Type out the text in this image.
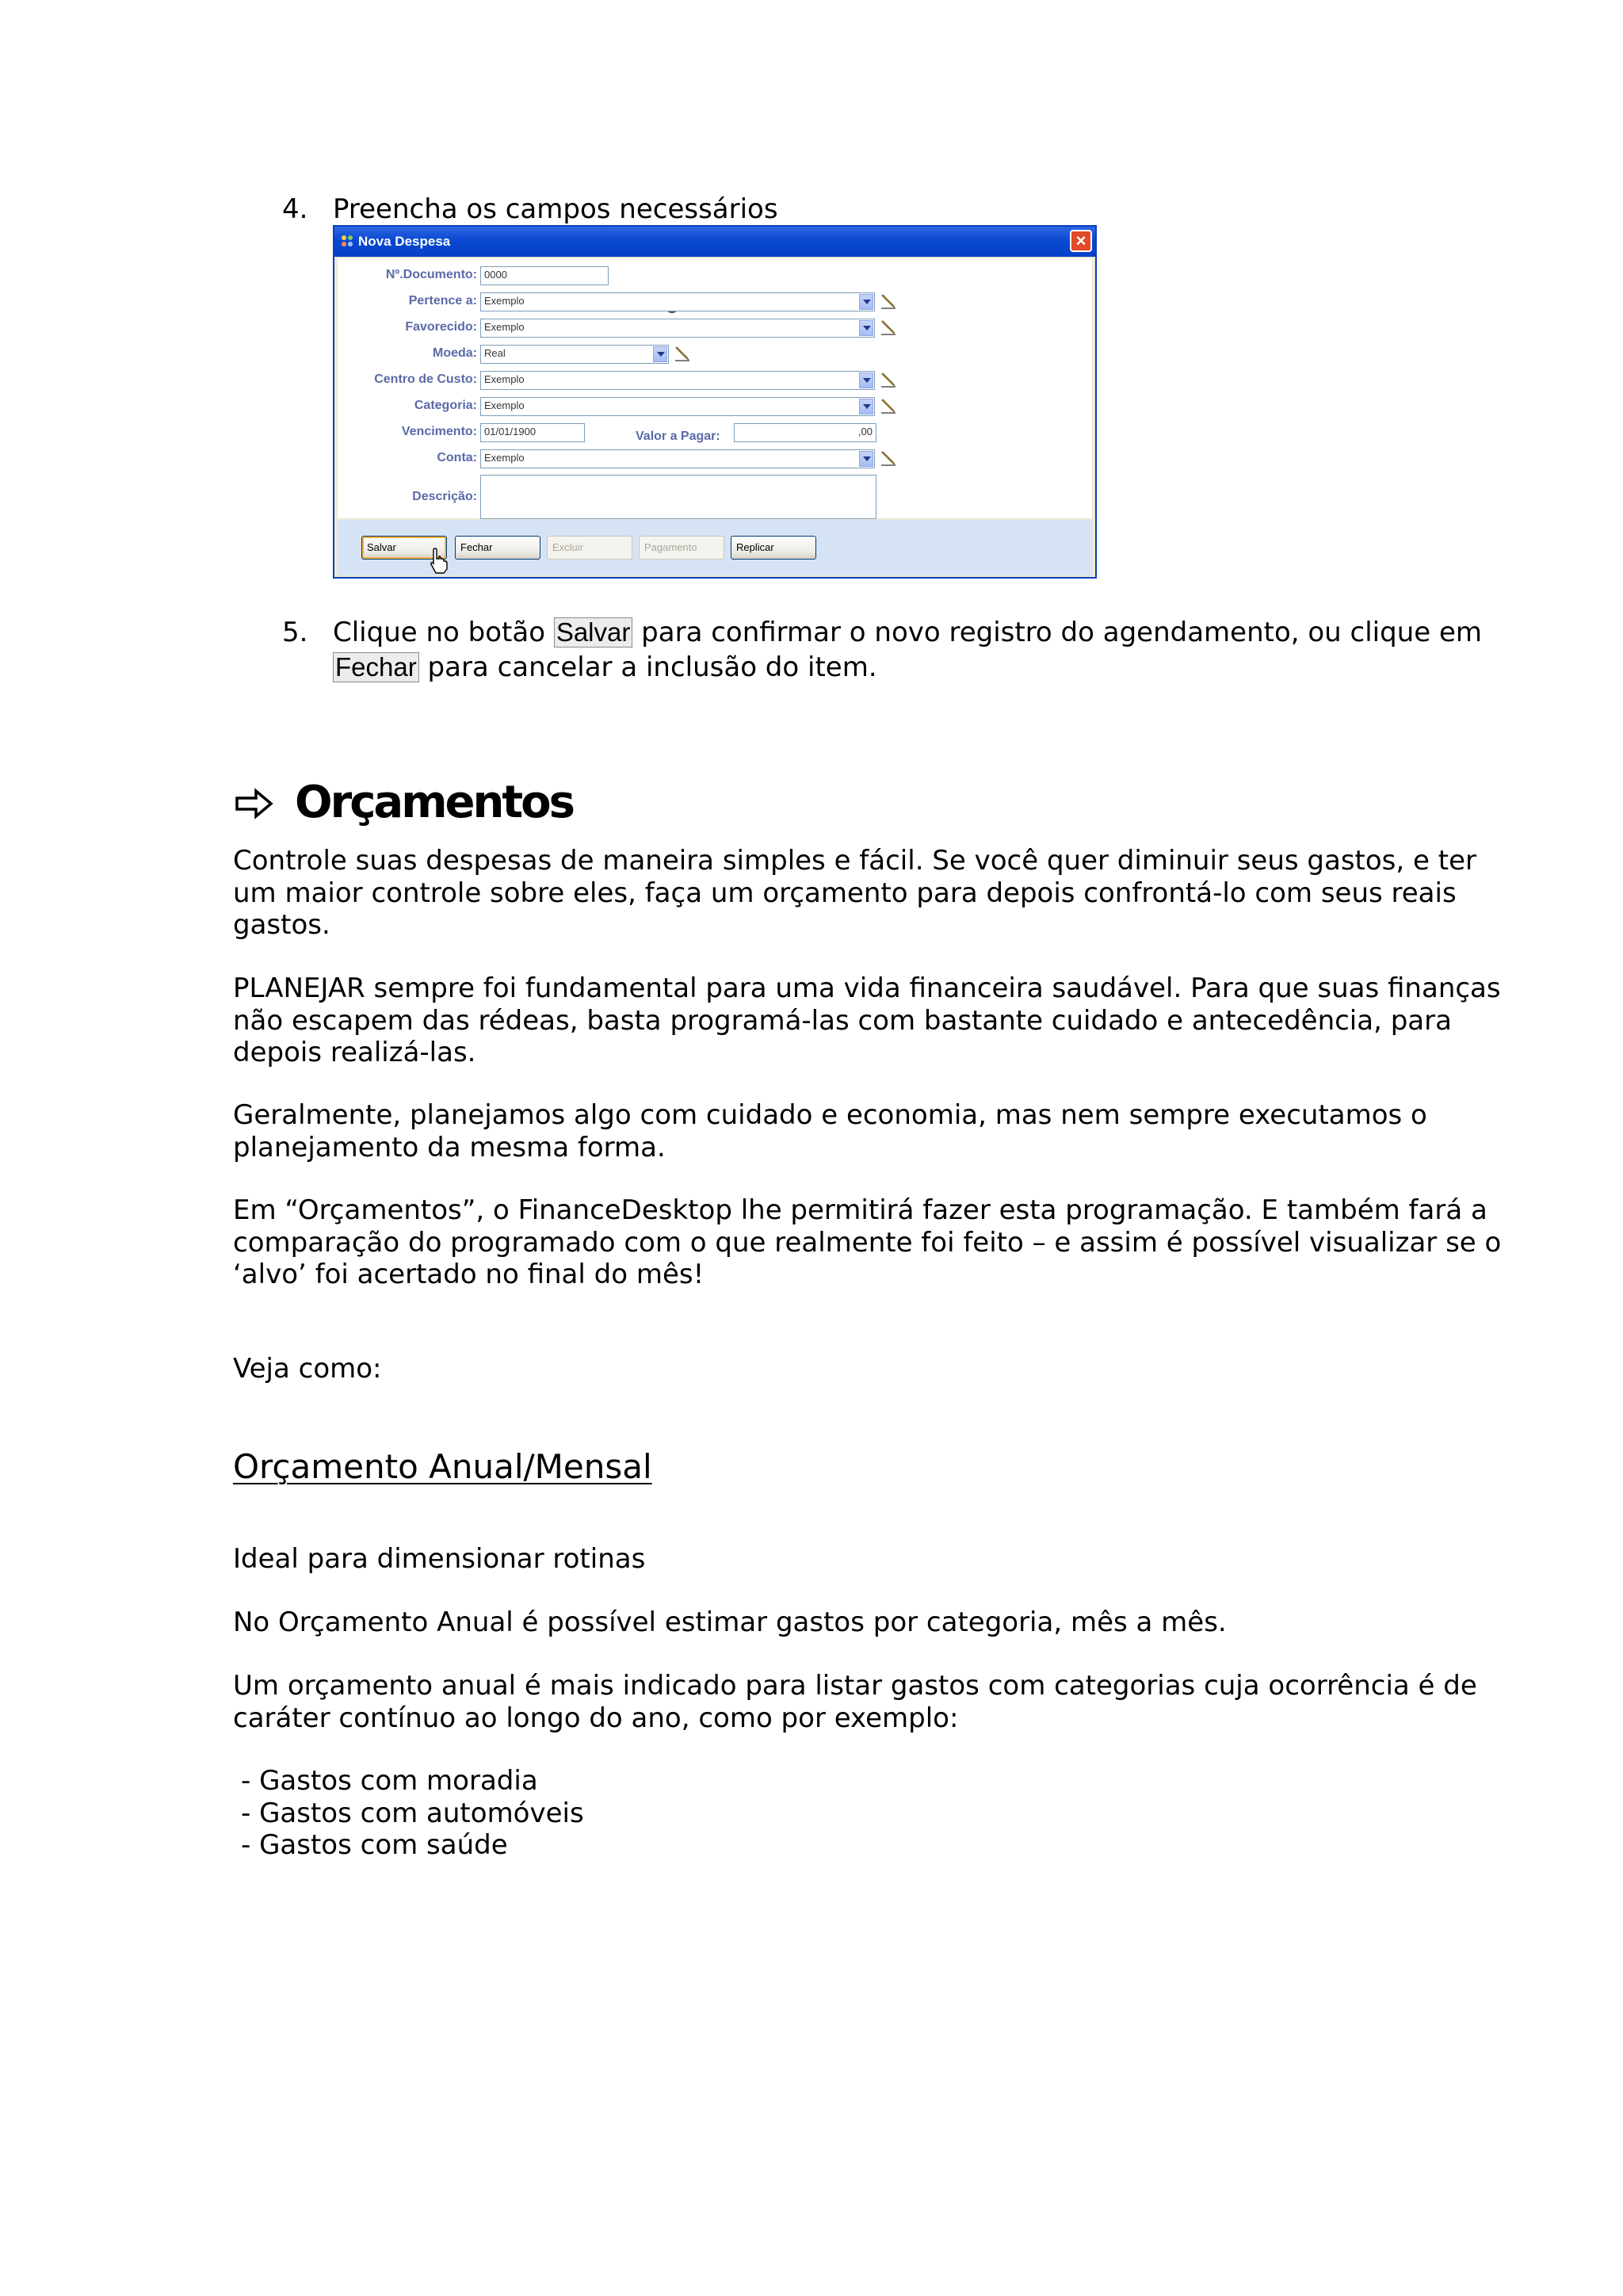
4. Preencha os campos necessários
Nova Despesa	×
Nº.Documento: 0000
Pertence a: Exemplo
Favorecido: Exemplo
Moeda: Real
Centro de Custo: Exemplo
Categoria: Exemplo
Vencimento: 01/01/1900	Valor a Pagar:	,00
Conta: Exemplo
Descrição:
Salvar	Fechar	Excluir	Pagamento	Replicar
5. Clique no botão Salvar para confirmar o novo registro do agendamento, ou clique em
Fechar para cancelar a inclusão do item.
Orçamentos
Controle suas despesas de maneira simples e fácil. Se você quer diminuir seus gastos, e ter
um maior controle sobre eles, faça um orçamento para depois confrontá-lo com seus reais
gastos.
PLANEJAR sempre foi fundamental para uma vida financeira saudável. Para que suas finanças
não escapem das rédeas, basta programá-las com bastante cuidado e antecedência, para
depois realizá-las.
Geralmente, planejamos algo com cuidado e economia, mas nem sempre executamos o
planejamento da mesma forma.
Em “Orçamentos”, o FinanceDesktop lhe permitirá fazer esta programação. E também fará a
comparação do programado com o que realmente foi feito – e assim é possível visualizar se o
‘alvo’ foi acertado no final do mês!
Veja como:
Orçamento Anual/Mensal
Ideal para dimensionar rotinas
No Orçamento Anual é possível estimar gastos por categoria, mês a mês.
Um orçamento anual é mais indicado para listar gastos com categorias cuja ocorrência é de
caráter contínuo ao longo do ano, como por exemplo:
- Gastos com moradia
- Gastos com automóveis
- Gastos com saúde
